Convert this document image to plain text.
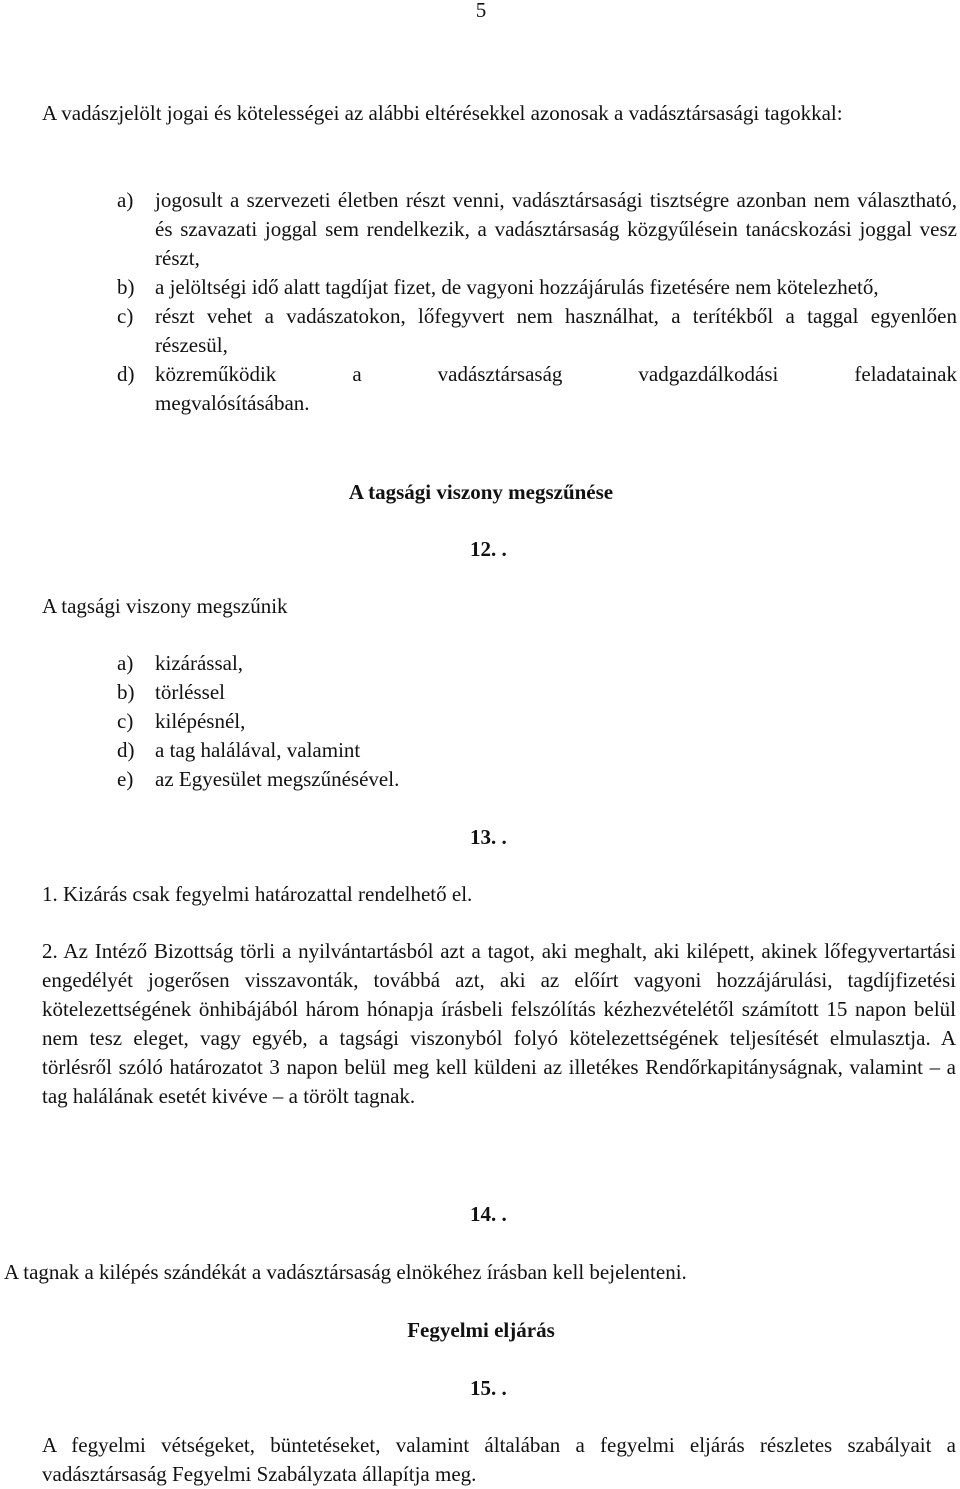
5
A vadászjelölt jogai és kötelességei az alábbi eltérésekkel azonosak a vadásztársasági tagokkal:
a)	jogosult a szervezeti életben részt venni, vadásztársasági tisztségre azonban nem választható, és szavazati joggal sem rendelkezik, a vadásztársaság közgyűlésein tanácskozási joggal vesz részt,
b) a jelöltségi idő alatt tagdíjat fizet, de vagyoni hozzájárulás fizetésére nem kötelezhető,
c)	részt vehet a vadászatokon, lőfegyvert nem használhat, a terítékből a taggal egyenlően részesül,
d) közreműködik a vadásztársaság vadgazdálkodási feladatainak
megvalósításában.
A tagsági viszony megszűnése
12. .
A tagsági viszony megszűnik
a) kizárással,
b) törléssel
c) kilépésnél,
d) a tag halálával, valamint
e) az Egyesület megszűnésével.
13. .
1. Kizárás csak fegyelmi határozattal rendelhető el.
2. Az Intéző Bizottság törli a nyilvántartásból azt a tagot, aki meghalt, aki kilépett, akinek lőfegyvertartási engedélyét jogerősen visszavonták, továbbá azt, aki az előírt vagyoni hozzájárulási, tagdíjfizetési kötelezettségének önhibájából három hónapja írásbeli felszólítás kézhezvételétől számított 15 napon belül nem tesz eleget, vagy egyéb, a tagsági viszonyból folyó kötelezettségének teljesítését elmulasztja. A törlésről szóló határozatot 3 napon belül meg kell küldeni az illetékes Rendőrkapitányságnak, valamint – a tag halálának esetét kivéve – a törölt tagnak.
14. .
A tagnak a kilépés szándékát a vadásztársaság elnökéhez írásban kell bejelenteni.
Fegyelmi eljárás
15. .
A fegyelmi vétségeket, büntetéseket, valamint általában a fegyelmi eljárás részletes szabályait a vadásztársaság Fegyelmi Szabályzata állapítja meg.
